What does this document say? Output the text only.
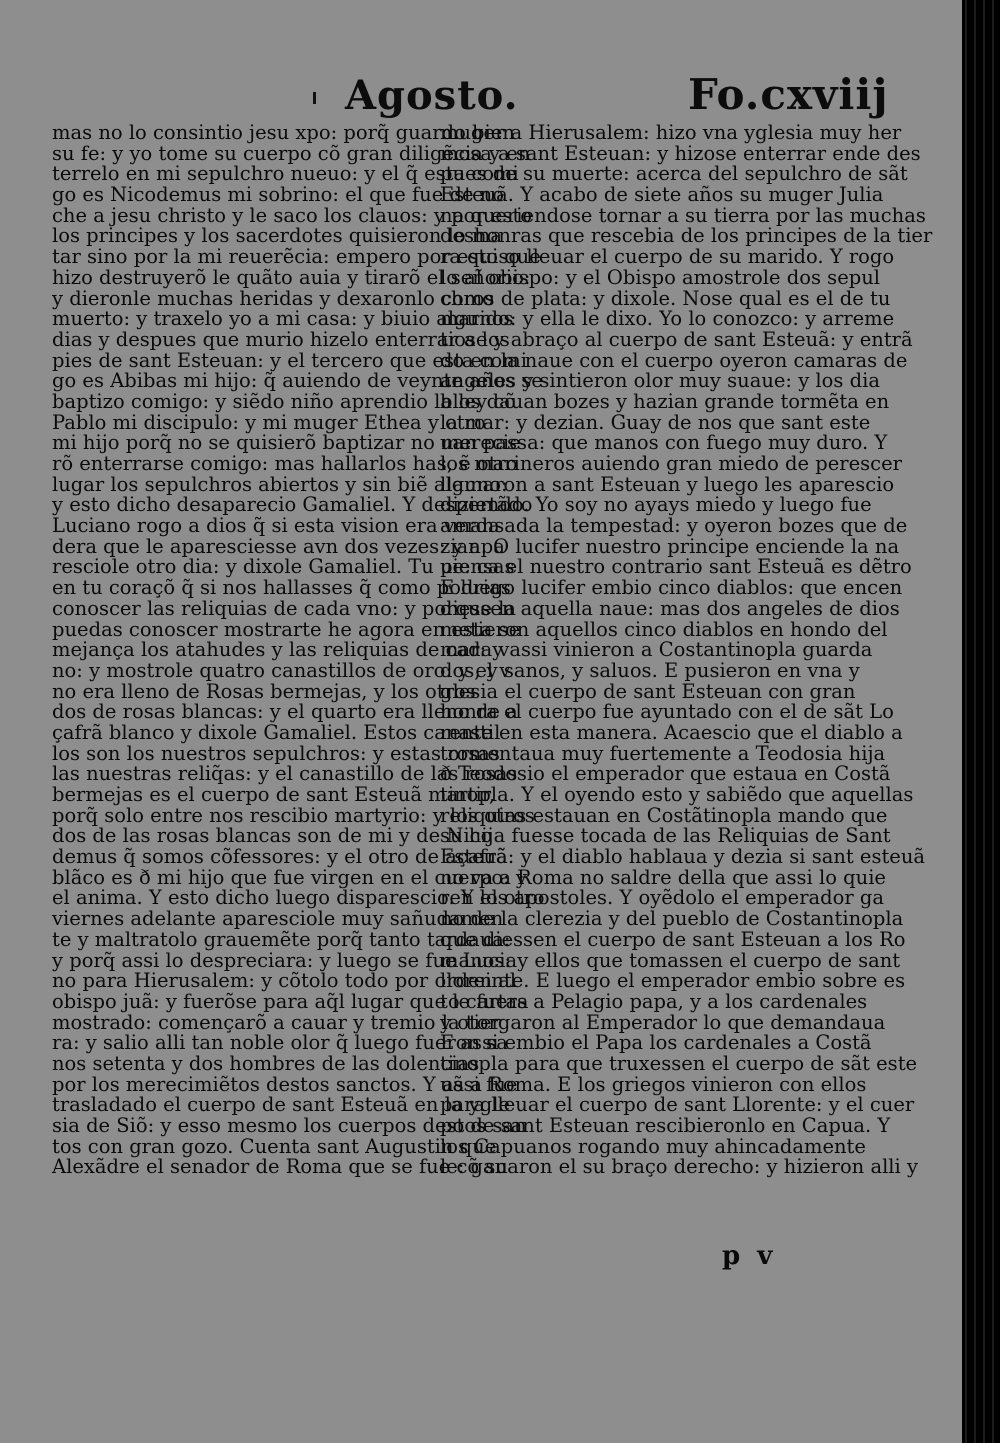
Agosto.	Fo.cxviij
mas no lo consintio jesu xpo: porq̃ guardo bien
su fe: y yo tome su cuerpo cõ gran diligẽcia y en
terrelo en mi sepulchro nueuo: y el q̃ esta comi
go es Nicodemus mi sobrino: el que fue de no
che a jesu christo y le saco los clauos: y por esto
los principes y los sacerdotes quisieron lo ma
tar sino por la mi reuerẽcia: empero por esto que
hizo destruyerõ le quãto auia y tirarõ el señorio:
y dieronle muchas heridas y dexaronlo como
muerto: y traxelo yo a mi casa: y biuio algunos
dias y despues que murio hizelo enterrar a los
pies de sant Esteuan: y el tercero que esta comi
go es Abibas mi hijo: q̃ auiendo de veynte años se
baptizo comigo: y siẽdo niño aprendio la ley cõ
Pablo mi discipulo: y mi muger Ethea y otro
mi hijo porq̃ no se quisierõ baptizar no merecie
rõ enterrarse comigo: mas hallarlos has, ẽ otro
lugar los sepulchros abiertos y sin biẽ alguno:
y esto dicho desaparecio Gamaliel. Y despertãdo
Luciano rogo a dios q̃ si esta vision era verda
dera que le aparesciesse avn dos vezes: y apa
resciole otro dia: y dixole Gamaliel. Tu piensas
en tu coraçõ q̃ si nos hallasses q̃ como podrias
conoscer las reliquias de cada vno: y porque la
puedas conoscer mostrarte he agora en esta se
mejança los atahudes y las reliquias de cada v
no: y mostrole quatro canastillos de oro: y el v
no era lleno de Rosas bermejas, y los otros
dos de rosas blancas: y el quarto era lleno de a
çafrã blanco y dixole Gamaliel. Estos canastil
los son los nuestros sepulchros: y estas rosas
las nuestras reliq̃as: y el canastillo de las rosas
bermejas es el cuerpo de sant Esteuã martir,
porq̃ solo entre nos rescibio martyrio: y los otros
dos de las rosas blancas son de mi y de Nico
demus q̃ somos cõfessores: y el otro de açafrã
blãco es ð mi hijo que fue virgen en el cuerpo: y
el anima. Y esto dicho luego disparescio. Y el otro
viernes adelante aparesciole muy sañudamen
te y maltratolo grauemẽte porq̃ tanto tardaua:
y porq̃ assi lo despreciara: y luego se fue Lucia
no para Hierusalem: y cõtolo todo por orden al
obispo juã: y fuerõse para aq̃l lugar que le fuera
mostrado: començarõ a cauar y tremio la tier
ra: y salio alli tan noble olor q̃ luego fueron sa
nos setenta y dos hombres de las dolencias
por los merecimiẽtos destos sanctos. Y assi fue
trasladado el cuerpo de sant Esteuã en la ygle
sia de Siõ: y esso mesmo los cuerpos destos san
tos con gran gozo. Cuenta sant Augustin que
Alexãdre el senador de Roma que se fue cõ su
muger a Hierusalem: hizo vna yglesia muy her
mosa a sant Esteuan: y hizose enterrar ende des
pues de su muerte: acerca del sepulchro de sãt
Esteuã. Y acabo de siete años su muger Julia
na queriendose tornar a su tierra por las muchas
deshonras que rescebia de los principes de la tier
ra quiso lleuar el cuerpo de su marido. Y rogo
lo al obispo: y el Obispo amostrole dos sepul
chros de plata: y dixole. Nose qual es el de tu
marido: y ella le dixo. Yo lo conozco: y arreme
tiose y abraço al cuerpo de sant Esteuã: y entrã
do en la naue con el cuerpo oyeron camaras de
angeles y sintieron olor muy suaue: y los dia
blos dauan bozes y hazian grande tormẽta en
la mar: y dezian. Guay de nos que sant este
uan passa: que manos con fuego muy duro. Y
los marineros auiendo gran miedo de perescer
llamaron a sant Esteuan y luego les aparescio
diziendo. Yo soy no ayays miedo y luego fue
amansada la tempestad: y oyeron bozes que de
zian. O lucifer nuestro principe enciende la na
ue: ca el nuestro contrario sant Esteuã es dẽtro
E luego lucifer embio cinco diablos: que encen
diessen aquella naue: mas dos angeles de dios
metieron aquellos cinco diablos en hondo del
mar: y assi vinieron a Costantinopla guarda
dos, y sanos, y saluos. E pusieron en vna y
glesia el cuerpo de sant Esteuan con gran
honra el cuerpo fue ayuntado con el de sãt Lo
rente en esta manera. Acaescio que el diablo a
tormentaua muy fuertemente a Teodosia hija
ð Teodosio el emperador que estaua en Costã
tinopla. Y el oyendo esto y sabiẽdo que aquellas
reliquias estauan en Costãtinopla mando que
su hija fuesse tocada de las Reliquias de Sant
Esteuã: y el diablo hablaua y dezia si sant esteuã
no va a Roma no saldre della que assi lo quie
ren los apostoles. Y oyẽdolo el emperador ga
no de la clerezia y del pueblo de Costantinopla
que diessen el cuerpo de sant Esteuan a los Ro
manos: y ellos que tomassen el cuerpo de sant
lloreinte. E luego el emperador embio sobre es
to cartas a Pelagio papa, y a los cardenales
y otorgaron al Emperador lo que demandaua
E assi embio el Papa los cardenales a Costã
tinopla para que truxessen el cuerpo de sãt este
uã a Roma. E los griegos vinieron con ellos
para lleuar el cuerpo de sant Llorente: y el cuer
po de sant Esteuan rescibieronlo en Capua. Y
los Capuanos rogando muy ahincadamente
le: ganaron el su braço derecho: y hizieron alli y
p v
